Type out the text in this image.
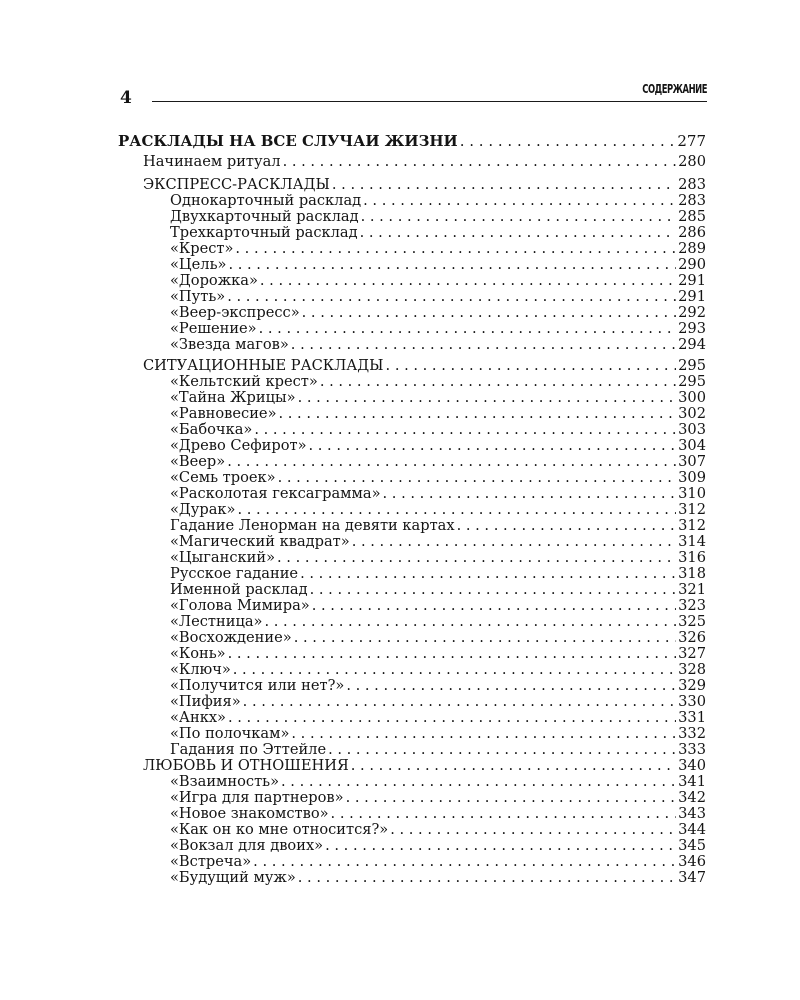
4	СОДЕРЖАНИЕ
РАСКЛАДЫ НА ВСЕ СЛУЧАИ ЖИЗНИ . . .	277
Начинаем ритуал . . .	280
ЭКСПРЕСС-РАСКЛАДЫ . . .	283
Однокарточный расклад . . .	283
Двухкарточный расклад . . .	285
Трехкарточный расклад . . .	286
«Крест» . . .	289
«Цель» . . .	290
«Дорожка» . . .	291
«Путь» . . .	291
«Веер-экспресс» . . .	292
«Решение» . . .	293
«Звезда магов» . . .	294
СИТУАЦИОННЫЕ РАСКЛАДЫ . . .	295
«Кельтский крест» . . .	295
«Тайна Жрицы» . . .	300
«Равновесие» . . .	302
«Бабочка» . . .	303
«Древо Сефирот» . . .	304
«Веер» . . .	307
«Семь троек» . . .	309
«Расколотая гексаграмма» . . .	310
«Дурак» . . .	312
Гадание Ленорман на девяти картах . . .	312
«Магический квадрат» . . .	314
«Цыганский» . . .	316
Русское гадание . . .	318
Именной расклад . . .	321
«Голова Мимира» . . .	323
«Лестница» . . .	325
«Восхождение» . . .	326
«Конь» . . .	327
«Ключ» . . .	328
«Получится или нет?» . . .	329
«Пифия» . . .	330
«Анкх» . . .	331
«По полочкам» . . .	332
Гадания по Эттейле . . .	333
ЛЮБОВЬ И ОТНОШЕНИЯ . . .	340
«Взаимность» . . .	341
«Игра для партнеров» . . .	342
«Новое знакомство» . . .	343
«Как он ко мне относится?» . . .	344
«Вокзал для двоих» . . .	345
«Встреча» . . .	346
«Будущий муж» . . .	347
